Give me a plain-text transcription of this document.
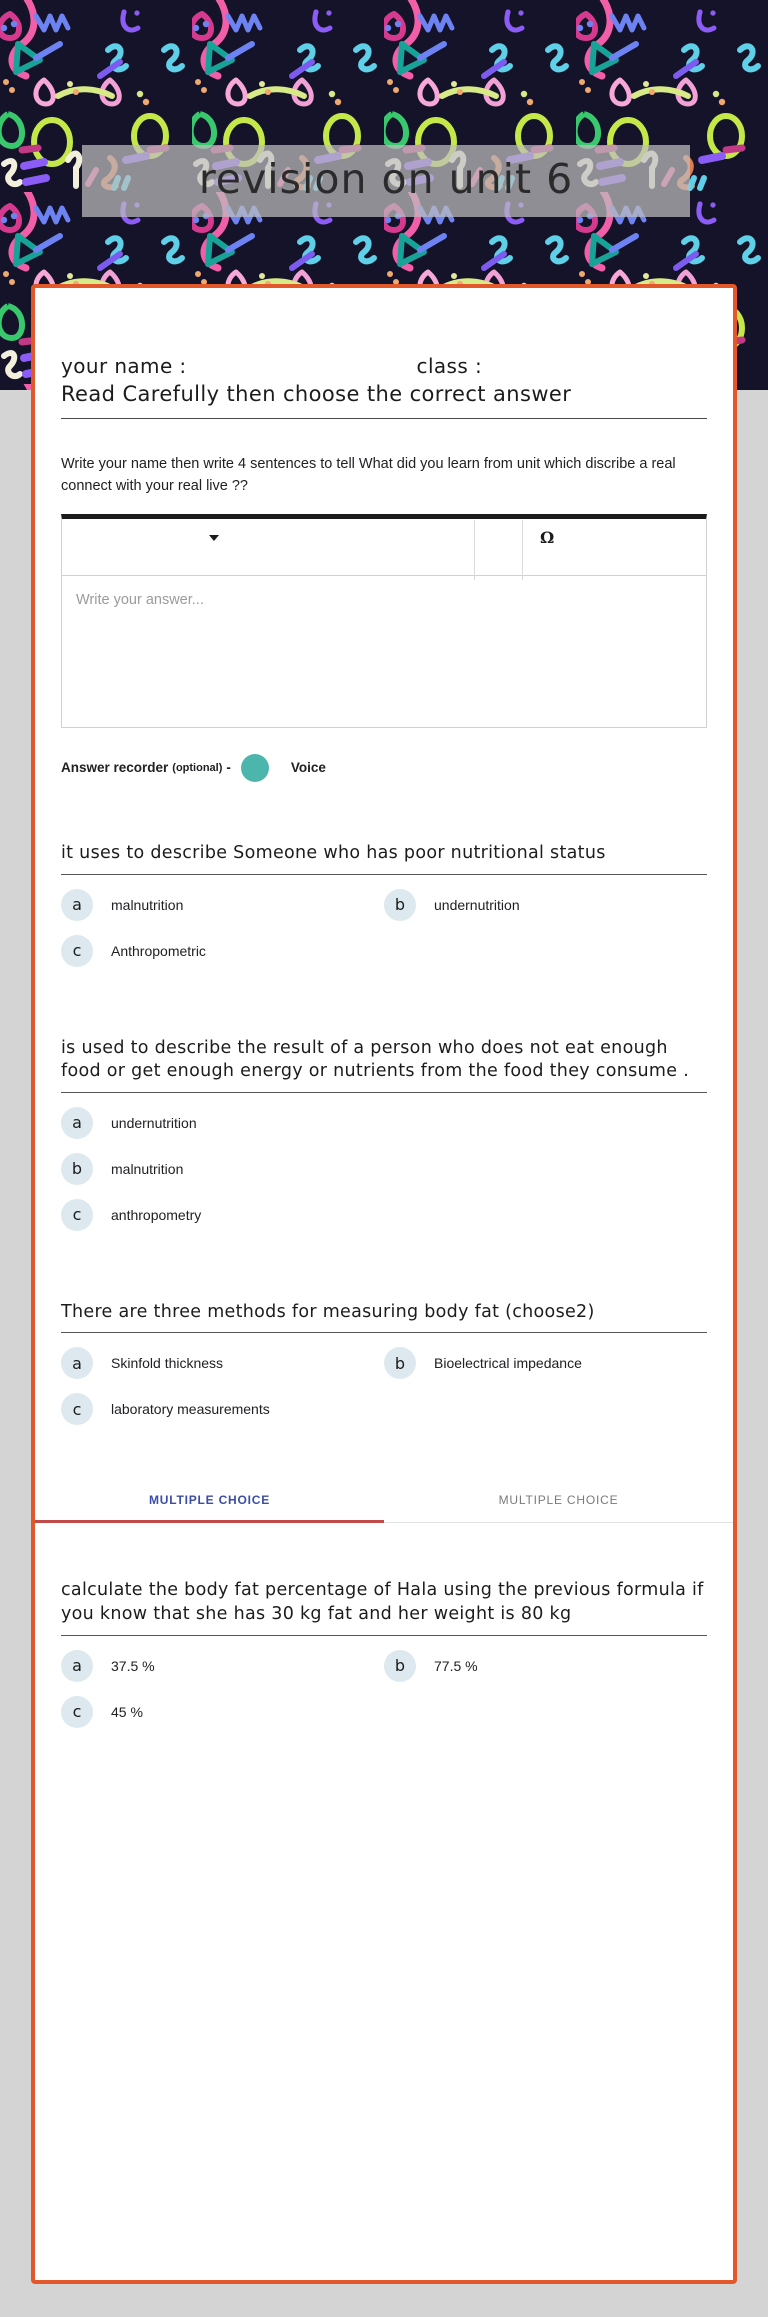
revision on unit 6
your name :	class :
Read Carefully then choose the correct answer
Write your name then write 4 sentences to tell What did you learn from unit which discribe a real connect with your real live ??
Ω
Write your answer...
Answer recorder (optional) -	Voice
it uses to describe Someone who has poor nutritional status
a	malnutrition	b	undernutrition
c	Anthropometric
is used to describe the result of a person who does not eat enough food or get enough energy or nutrients from the food they consume .
a	undernutrition
b	malnutrition
c	anthropometry
There are three methods for measuring body fat (choose2)
a	Skinfold thickness	b	Bioelectrical impedance
c	laboratory measurements
MULTIPLE CHOICE	MULTIPLE CHOICE
calculate the body fat percentage of Hala using the previous formula if you know that she has 30 kg fat and her weight is 80 kg
a	37.5 %	b	77.5 %
c	45 %
